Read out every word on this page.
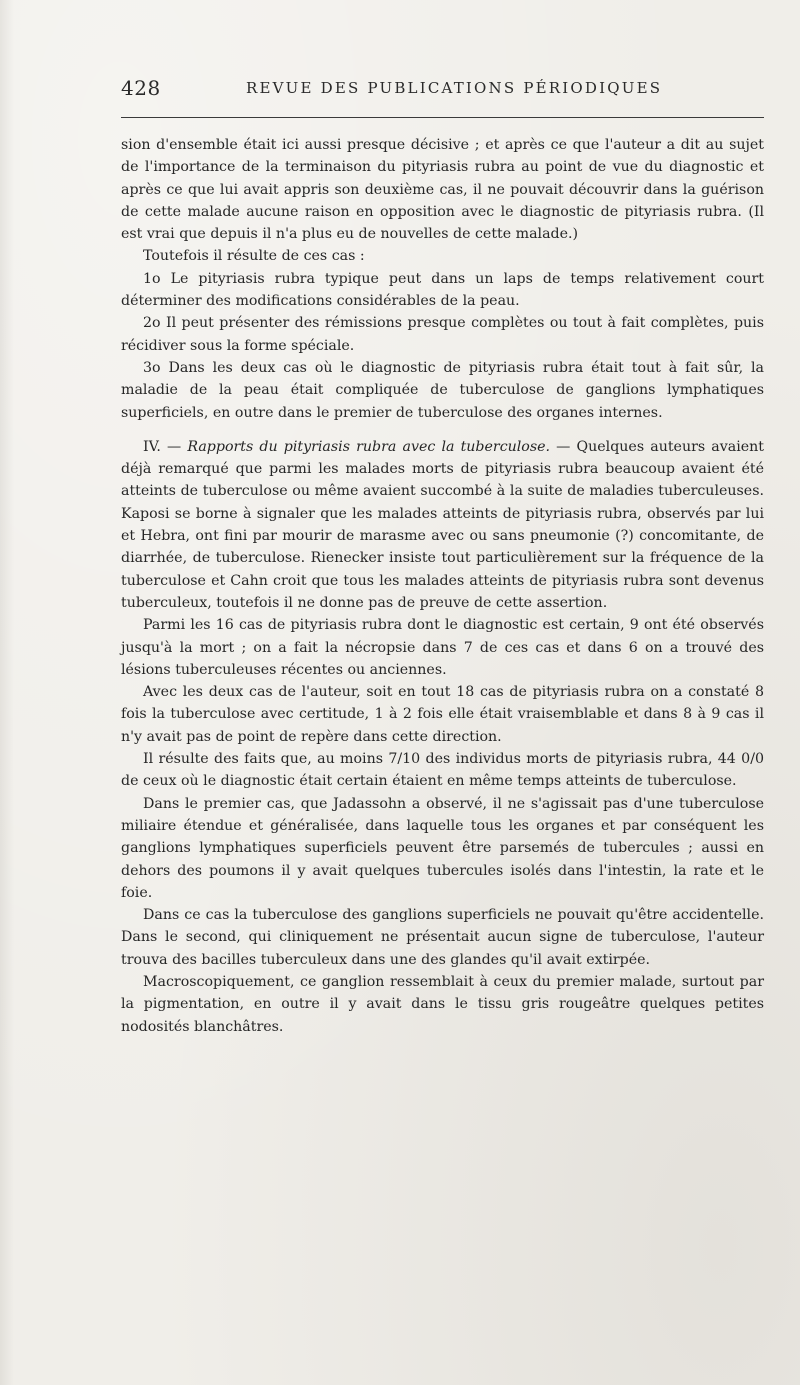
428	REVUE DES PUBLICATIONS PÉRIODIQUES

sion d'ensemble était ici aussi presque décisive ; et après ce que l'auteur a dit au sujet de l'importance de la terminaison du pityriasis rubra au point de vue du diagnostic et après ce que lui avait appris son deuxième cas, il ne pouvait découvrir dans la guérison de cette malade aucune raison en opposition avec le diagnostic de pityriasis rubra. (Il est vrai que depuis il n'a plus eu de nouvelles de cette malade.)

Toutefois il résulte de ces cas :

1o Le pityriasis rubra typique peut dans un laps de temps relativement court déterminer des modifications considérables de la peau.

2o Il peut présenter des rémissions presque complètes ou tout à fait complètes, puis récidiver sous la forme spéciale.

3o Dans les deux cas où le diagnostic de pityriasis rubra était tout à fait sûr, la maladie de la peau était compliquée de tuberculose de ganglions lymphatiques superficiels, en outre dans le premier de tuberculose des organes internes.

IV. — Rapports du pityriasis rubra avec la tuberculose. — Quelques auteurs avaient déjà remarqué que parmi les malades morts de pityriasis rubra beaucoup avaient été atteints de tuberculose ou même avaient succombé à la suite de maladies tuberculeuses. Kaposi se borne à signaler que les malades atteints de pityriasis rubra, observés par lui et Hebra, ont fini par mourir de marasme avec ou sans pneumonie (?) concomitante, de diarrhée, de tuberculose. Rienecker insiste tout particulièrement sur la fréquence de la tuberculose et Cahn croit que tous les malades atteints de pityriasis rubra sont devenus tuberculeux, toutefois il ne donne pas de preuve de cette assertion.

Parmi les 16 cas de pityriasis rubra dont le diagnostic est certain, 9 ont été observés jusqu'à la mort ; on a fait la nécropsie dans 7 de ces cas et dans 6 on a trouvé des lésions tuberculeuses récentes ou anciennes.

Avec les deux cas de l'auteur, soit en tout 18 cas de pityriasis rubra on a constaté 8 fois la tuberculose avec certitude, 1 à 2 fois elle était vraisemblable et dans 8 à 9 cas il n'y avait pas de point de repère dans cette direction.

Il résulte des faits que, au moins 7/10 des individus morts de pityriasis rubra, 44 0/0 de ceux où le diagnostic était certain étaient en même temps atteints de tuberculose.

Dans le premier cas, que Jadassohn a observé, il ne s'agissait pas d'une tuberculose miliaire étendue et généralisée, dans laquelle tous les organes et par conséquent les ganglions lymphatiques superficiels peuvent être parsemés de tubercules ; aussi en dehors des poumons il y avait quelques tubercules isolés dans l'intestin, la rate et le foie.

Dans ce cas la tuberculose des ganglions superficiels ne pouvait qu'être accidentelle. Dans le second, qui cliniquement ne présentait aucun signe de tuberculose, l'auteur trouva des bacilles tuberculeux dans une des glandes qu'il avait extirpée.

Macroscopiquement, ce ganglion ressemblait à ceux du premier malade, surtout par la pigmentation, en outre il y avait dans le tissu gris rougeâtre quelques petites nodosités blanchâtres.
